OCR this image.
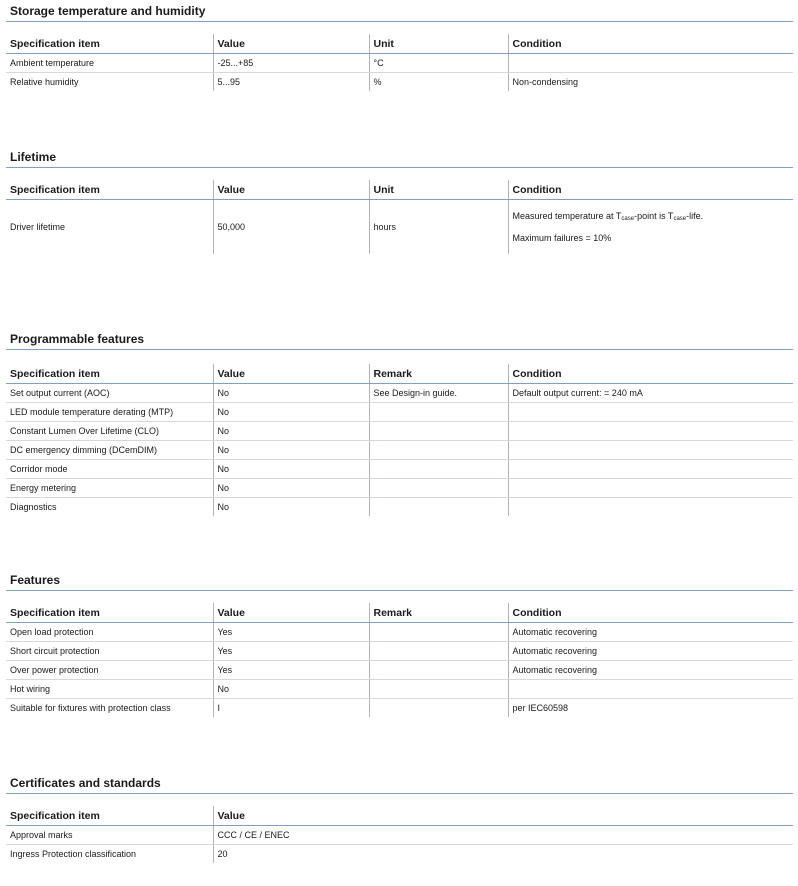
Storage temperature and humidity
Specification item	Value	Unit	Condition
Ambient temperature	-25...+85	°C	
Relative humidity	5...95	%	Non-condensing
Lifetime
Specification item	Value	Unit	Condition
Driver lifetime	50,000	hours	Measured temperature at $T_{case}$-point is $T_{case}$-life.
Maximum failures = 10%
Programmable features
Specification item	Value	Remark	Condition
Set output current (AOC)	No	See Design-in guide.	Default output current: = 240 mA
LED module temperature derating (MTP)	No		
Constant Lumen Over Lifetime (CLO)	No		
DC emergency dimming (DCemDIM)	No		
Corridor mode	No		
Energy metering	No		
Diagnostics	No		
Features
Specification item	Value	Remark	Condition
Open load protection	Yes		Automatic recovering
Short circuit protection	Yes		Automatic recovering
Over power protection	Yes		Automatic recovering
Hot wiring	No		
Suitable for fixtures with protection class	I		per IEC60598
Certificates and standards
Specification item	Value
Approval marks	CCC / CE / ENEC
Ingress Protection classification	20
